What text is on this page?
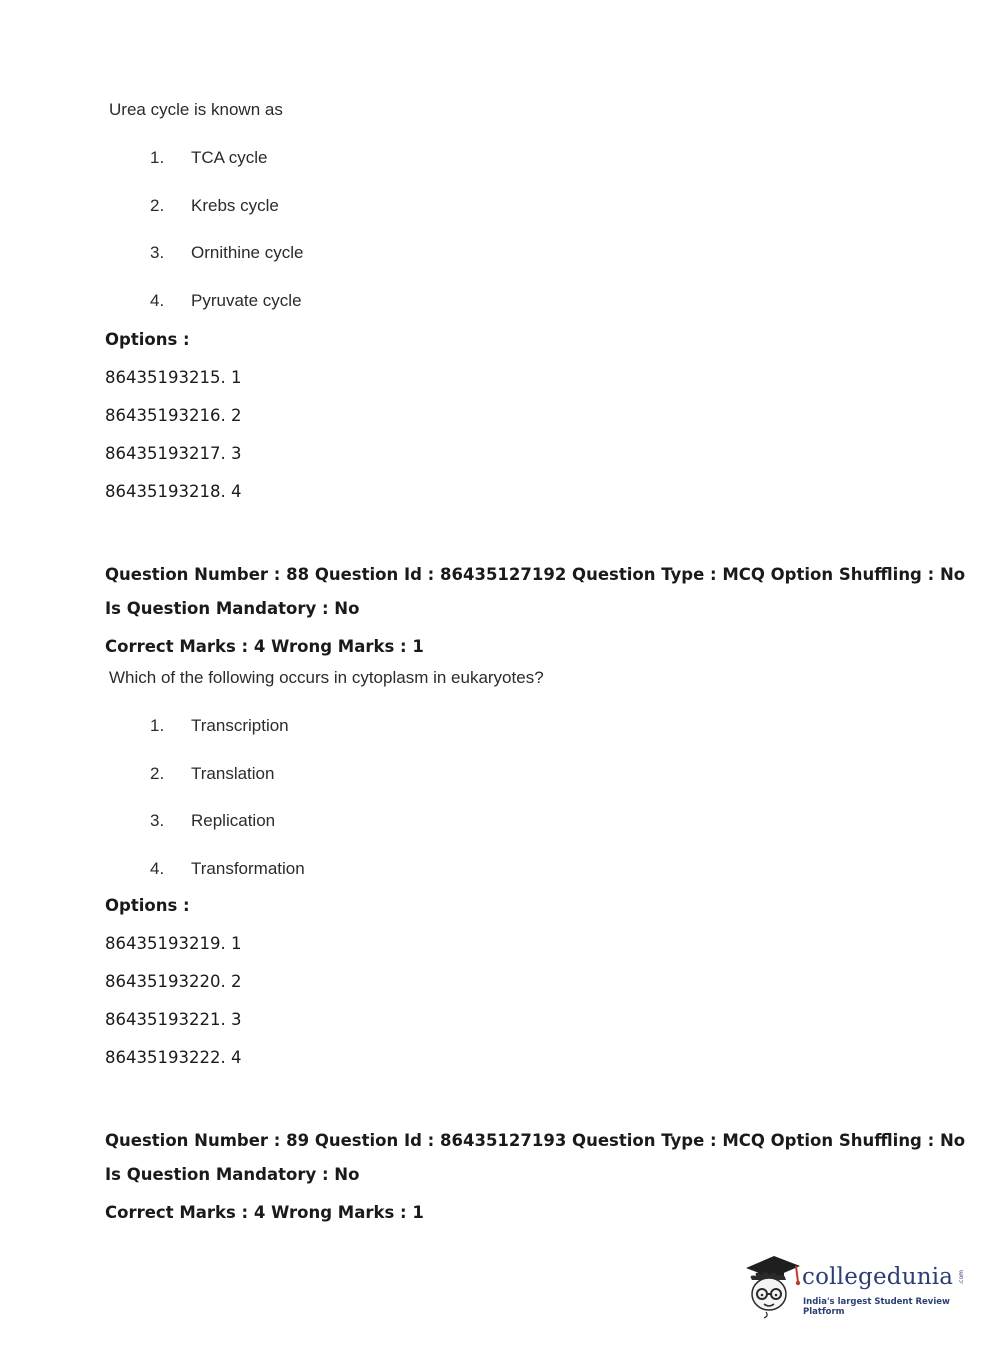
Urea cycle is known as
1. TCA cycle
2. Krebs cycle
3. Ornithine cycle
4. Pyruvate cycle
Options :
86435193215. 1
86435193216. 2
86435193217. 3
86435193218. 4
Question Number : 88 Question Id : 86435127192 Question Type : MCQ Option Shuffling : No
Is Question Mandatory : No
Correct Marks : 4 Wrong Marks : 1
Which of the following occurs in cytoplasm in eukaryotes?
1. Transcription
2. Translation
3. Replication
4. Transformation
Options :
86435193219. 1
86435193220. 2
86435193221. 3
86435193222. 4
Question Number : 89 Question Id : 86435127193 Question Type : MCQ Option Shuffling : No
Is Question Mandatory : No
Correct Marks : 4 Wrong Marks : 1
collegedunia .com
India's largest Student Review Platform
